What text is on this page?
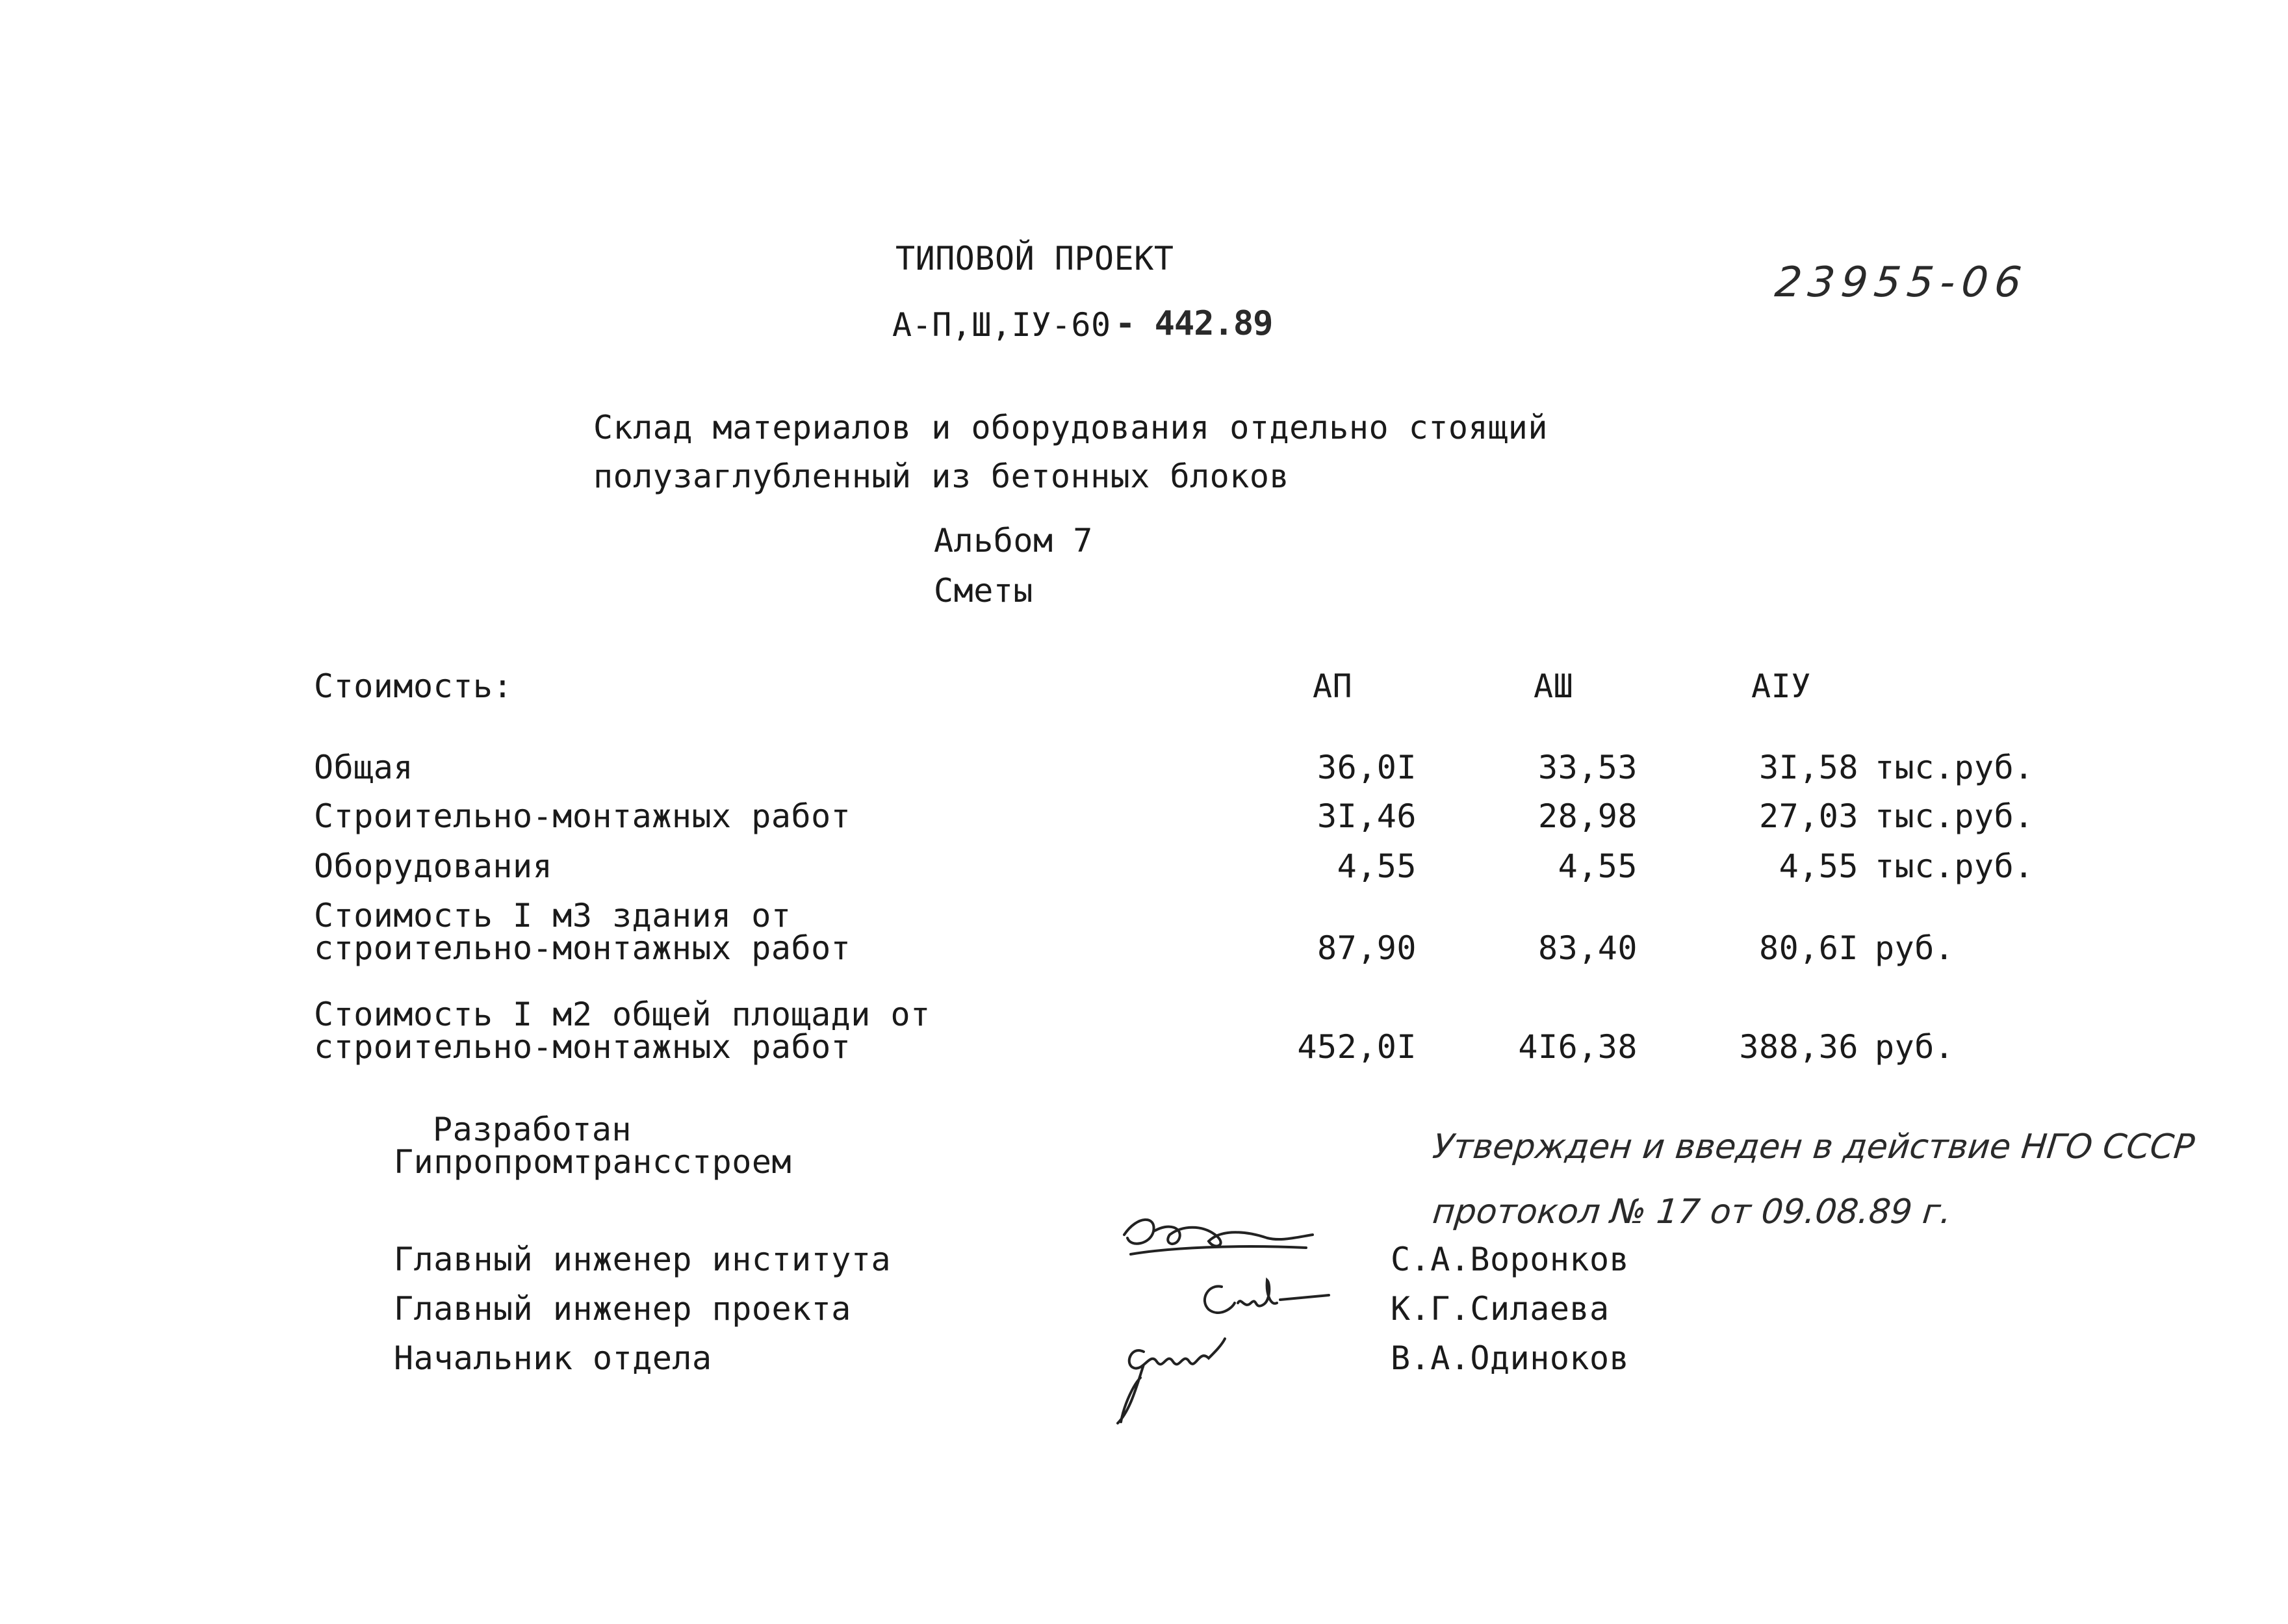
ТИПОВОЙ ПРОЕКТ
А-П,Ш,IУ-60 - 442.89
23955-06
Склад материалов и оборудования отдельно стоящий
полузаглубленный из бетонных блоков
Альбом 7
Сметы
Стоимость:	АП	АШ	АIУ
Общая	36,0I	33,53	3I,58 тыс.руб.
Строительно-монтажных работ	3I,46	28,98	27,03 тыс.руб.
Оборудования	4,55	4,55	4,55 тыс.руб.
Стоимость I м3 здания от
строительно-монтажных работ	87,90	83,40	80,6I руб.
Стоимость I м2 общей площади от
строительно-монтажных работ	452,0I	4I6,38	388,36 руб.
Разработан
Гипропромтрансстроем	Утвержден и введен в действие НГО СССР
протокол № 17 от 09.08.89 г.
Главный инженер института	С.А.Воронков
Главный инженер проекта	К.Г.Силаева
Начальник отдела	В.А.Одиноков
